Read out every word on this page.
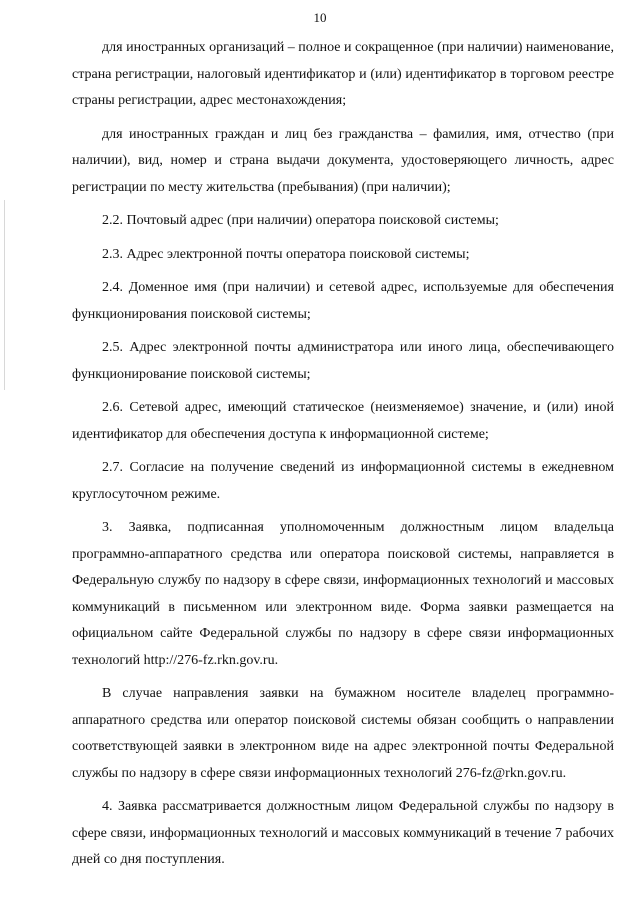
10

для иностранных организаций – полное и сокращенное (при наличии) наименование, страна регистрации, налоговый идентификатор и (или) идентификатор в торговом реестре страны регистрации, адрес местонахождения;

для иностранных граждан и лиц без гражданства – фамилия, имя, отчество (при наличии), вид, номер и страна выдачи документа, удостоверяющего личность, адрес регистрации по месту жительства (пребывания) (при наличии);

2.2. Почтовый адрес (при наличии) оператора поисковой системы;

2.3. Адрес электронной почты оператора поисковой системы;

2.4. Доменное имя (при наличии) и сетевой адрес, используемые для обеспечения функционирования поисковой системы;

2.5. Адрес электронной почты администратора или иного лица, обеспечивающего функционирование поисковой системы;

2.6. Сетевой адрес, имеющий статическое (неизменяемое) значение, и (или) иной идентификатор для обеспечения доступа к информационной системе;

2.7. Согласие на получение сведений из информационной системы в ежедневном круглосуточном режиме.

3. Заявка, подписанная уполномоченным должностным лицом владельца программно-аппаратного средства или оператора поисковой системы, направляется в Федеральную службу по надзору в сфере связи, информационных технологий и массовых коммуникаций в письменном или электронном виде. Форма заявки размещается на официальном сайте Федеральной службы по надзору в сфере связи информационных технологий http://276-fz.rkn.gov.ru.

В случае направления заявки на бумажном носителе владелец программно-аппаратного средства или оператор поисковой системы обязан сообщить о направлении соответствующей заявки в электронном виде на адрес электронной почты Федеральной службы по надзору в сфере связи информационных технологий 276-fz@rkn.gov.ru.

4. Заявка рассматривается должностным лицом Федеральной службы по надзору в сфере связи, информационных технологий и массовых коммуникаций в течение 7 рабочих дней со дня поступления.
